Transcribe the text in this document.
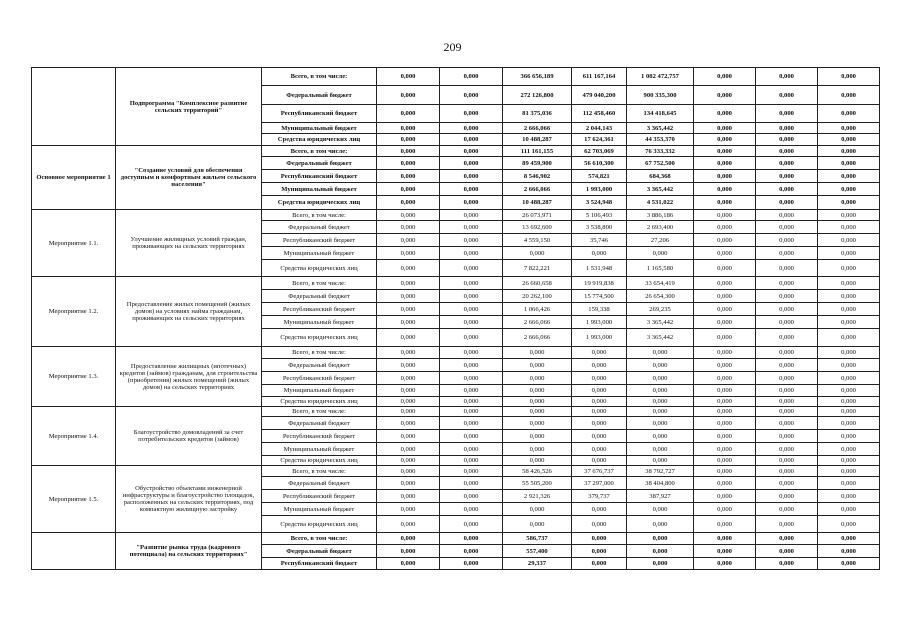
209
	Подпрограмма "Комплексное развитие сельских территорий"	Всего, в том числе:	0,000	0,000	366 656,189	611 167,164	1 082 472,757	0,000	0,000	0,000
		Федеральный бюджет	0,000	0,000	272 126,800	479 040,200	900 335,300	0,000	0,000	0,000
		Республиканский бюджет	0,000	0,000	81 375,036	112 458,460	134 418,645	0,000	0,000	0,000
		Муниципальный бюджет	0,000	0,000	2 666,066	2 044,143	3 365,442	0,000	0,000	0,000
		Средства юридических лиц	0,000	0,000	10 488,287	17 624,361	44 353,370	0,000	0,000	0,000
Основное мероприятие 1	"Создание условий для обеспечения доступным и комфортным жильем сельского населения"	Всего, в том числе:	0,000	0,000	111 161,155	62 703,069	76 333,332	0,000	0,000	0,000
		Федеральный бюджет	0,000	0,000	89 459,900	56 610,300	67 752,500	0,000	0,000	0,000
		Республиканский бюджет	0,000	0,000	8 546,902	574,821	684,368	0,000	0,000	0,000
		Муниципальный бюджет	0,000	0,000	2 666,066	1 993,000	3 365,442	0,000	0,000	0,000
		Средства юридических лиц	0,000	0,000	10 488,287	3 524,948	4 531,022	0,000	0,000	0,000
Мероприятие 1.1.	Улучшение жилищных условий граждан, проживающих на сельских территориях	Всего, в том числе:	0,000	0,000	26 073,971	5 106,493	3 886,186	0,000	0,000	0,000
		Федеральный бюджет	0,000	0,000	13 692,600	3 538,800	2 693,400	0,000	0,000	0,000
		Республиканский бюджет	0,000	0,000	4 559,150	35,746	27,206	0,000	0,000	0,000
		Муниципальный бюджет	0,000	0,000	0,000	0,000	0,000	0,000	0,000	0,000
		Средства юридических лиц	0,000	0,000	7 822,221	1 531,948	1 165,580	0,000	0,000	0,000
Мероприятие 1.2.	Предоставление жилых помещений (жилых домов) на условиях найма гражданам, проживающих на сельских территориях	Всего, в том числе:	0,000	0,000	26 660,658	19 919,838	33 654,419	0,000	0,000	0,000
		Федеральный бюджет	0,000	0,000	20 262,100	15 774,500	26 654,300	0,000	0,000	0,000
		Республиканский бюджет	0,000	0,000	1 066,426	159,338	269,235	0,000	0,000	0,000
		Муниципальный бюджет	0,000	0,000	2 666,066	1 993,000	3 365,442	0,000	0,000	0,000
		Средства юридических лиц	0,000	0,000	2 666,066	1 993,000	3 365,442	0,000	0,000	0,000
Мероприятие 1.3.	Предоставление жилищных (ипотечных) кредитов (займов) гражданам, для строительства (приобретения) жилых помещений (жилых домов) на сельских территориях	Всего, в том числе:	0,000	0,000	0,000	0,000	0,000	0,000	0,000	0,000
		Федеральный бюджет	0,000	0,000	0,000	0,000	0,000	0,000	0,000	0,000
		Республиканский бюджет	0,000	0,000	0,000	0,000	0,000	0,000	0,000	0,000
		Муниципальный бюджет	0,000	0,000	0,000	0,000	0,000	0,000	0,000	0,000
		Средства юридических лиц	0,000	0,000	0,000	0,000	0,000	0,000	0,000	0,000
Мероприятие 1.4.	Благоустройство домовладений за счет потребительских кредитов (займов)	Всего, в том числе:	0,000	0,000	0,000	0,000	0,000	0,000	0,000	0,000
		Федеральный бюджет	0,000	0,000	0,000	0,000	0,000	0,000	0,000	0,000
		Республиканский бюджет	0,000	0,000	0,000	0,000	0,000	0,000	0,000	0,000
		Муниципальный бюджет	0,000	0,000	0,000	0,000	0,000	0,000	0,000	0,000
		Средства юридических лиц	0,000	0,000	0,000	0,000	0,000	0,000	0,000	0,000
Мероприятие 1.5.	Обустройство объектами инженерной инфраструктуры и благоустройство площадок, расположенных на сельских территориях, под компактную жилищную застройку	Всего, в том числе:	0,000	0,000	58 426,526	37 676,737	38 792,727	0,000	0,000	0,000
		Федеральный бюджет	0,000	0,000	55 505,200	37 297,000	38 404,800	0,000	0,000	0,000
		Республиканский бюджет	0,000	0,000	2 921,326	379,737	387,927	0,000	0,000	0,000
		Муниципальный бюджет	0,000	0,000	0,000	0,000	0,000	0,000	0,000	0,000
		Средства юридических лиц	0,000	0,000	0,000	0,000	0,000	0,000	0,000	0,000
	"Развитие рынка труда (кадрового потенциала) на сельских территориях"	Всего, в том числе:	0,000	0,000	586,737	0,000	0,000	0,000	0,000	0,000
		Федеральный бюджет	0,000	0,000	557,400	0,000	0,000	0,000	0,000	0,000
		Республиканский бюджет	0,000	0,000	29,337	0,000	0,000	0,000	0,000	0,000
